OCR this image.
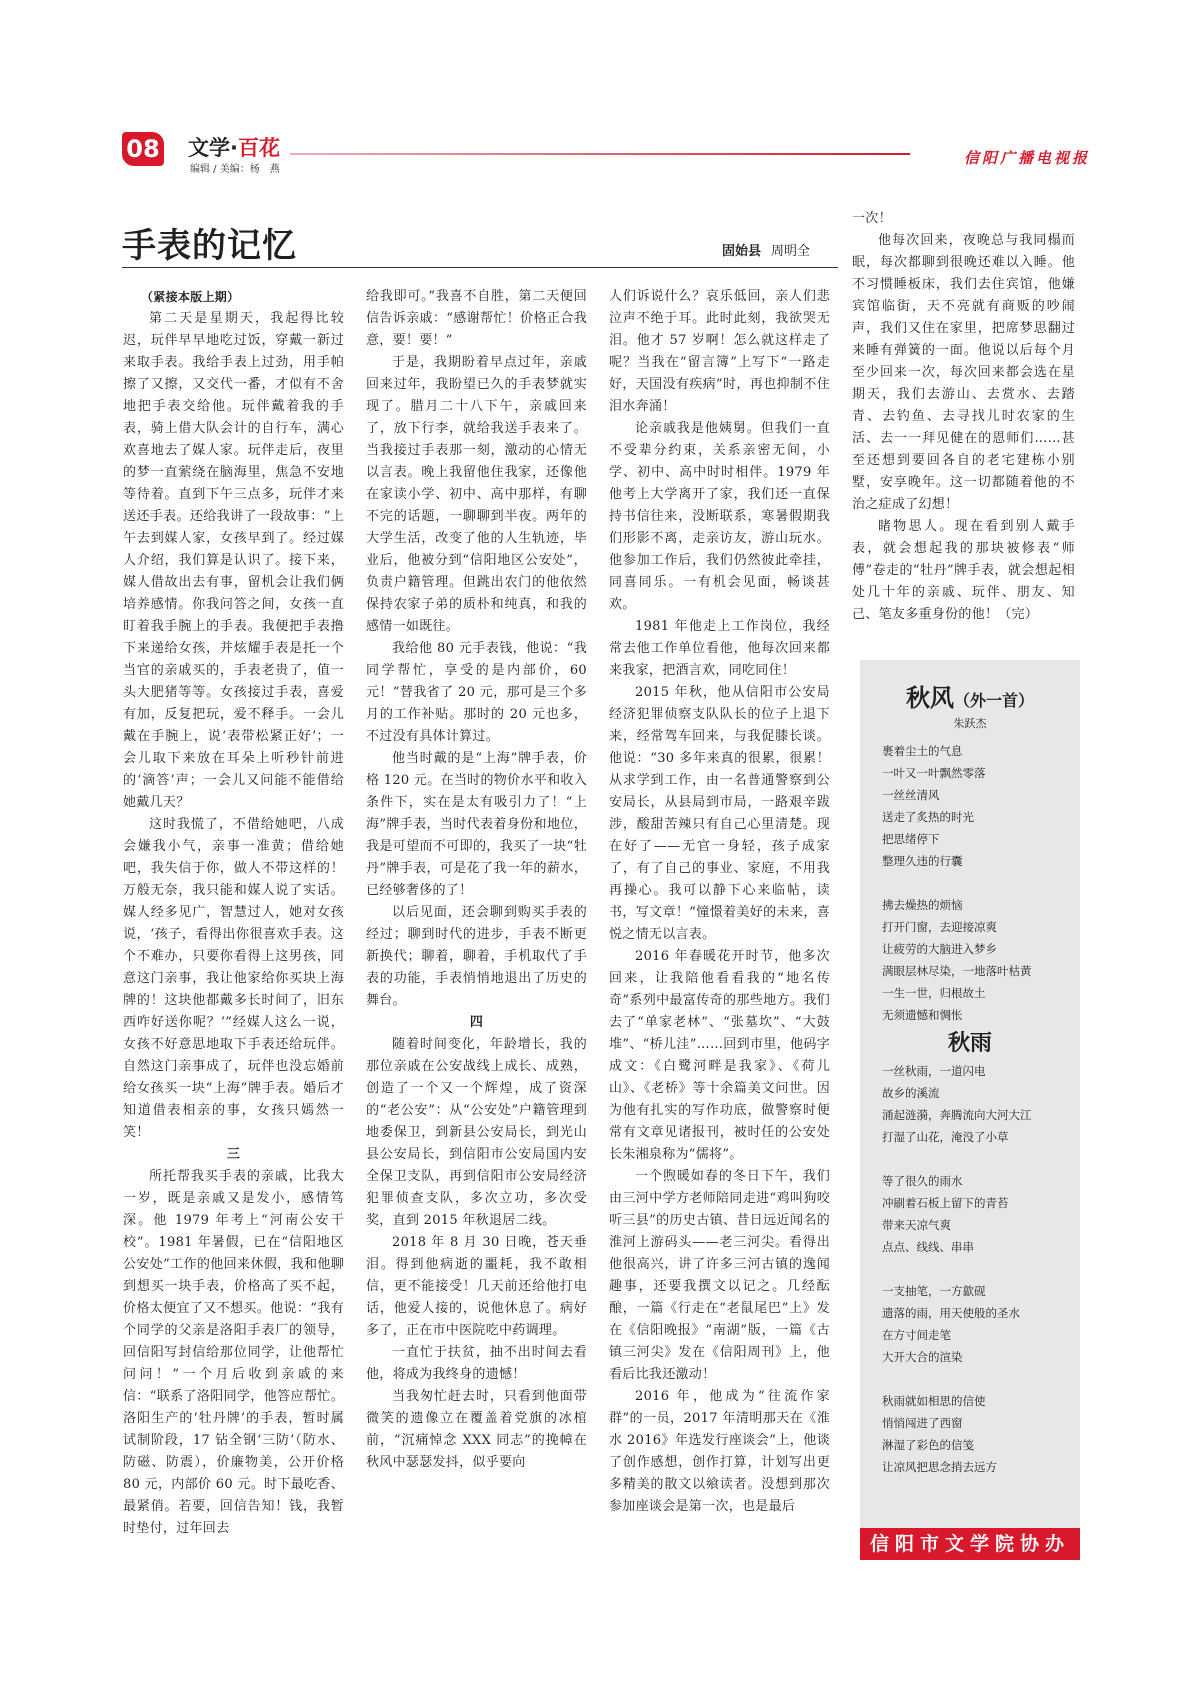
08 文学·百花
编辑 / 美编：杨　燕
信阳广播电视报
手表的记忆	固始县 周明全

（紧接本版上期）

第二天是星期天，我起得比较迟，玩伴早早地吃过饭，穿戴一新过来取手表。我给手表上过劲，用手帕擦了又擦，又交代一番，才似有不舍地把手表交给他。玩伴戴着我的手表，骑上借大队会计的自行车，满心欢喜地去了媒人家。玩伴走后，夜里的梦一直萦绕在脑海里，焦急不安地等待着。直到下午三点多，玩伴才来送还手表。还给我讲了一段故事：“上午去到媒人家，女孩早到了。经过媒人介绍，我们算是认识了。接下来，媒人借故出去有事，留机会让我们俩培养感情。你我问答之间，女孩一直盯着我手腕上的手表。我便把手表撸下来递给女孩，并炫耀手表是托一个当官的亲戚买的，手表老贵了，值一头大肥猪等等。女孩接过手表，喜爱有加，反复把玩，爱不释手。一会儿戴在手腕上，说‘表带松紧正好’；一会儿取下来放在耳朵上听秒针前进的‘滴答’声；一会儿又问能不能借给她戴几天？

这时我慌了，不借给她吧，八成会嫌我小气，亲事一准黄；借给她吧，我失信于你，做人不带这样的！万般无奈，我只能和媒人说了实话。媒人经多见广，智慧过人，她对女孩说，‘孩子，看得出你很喜欢手表。这个不难办，只要你看得上这男孩，同意这门亲事，我让他家给你买块上海牌的！这块他都戴多长时间了，旧东西咋好送你呢？’”经媒人这么一说，女孩不好意思地取下手表还给玩伴。自然这门亲事成了，玩伴也没忘婚前给女孩买一块“上海”牌手表。婚后才知道借表相亲的事，女孩只嫣然一笑！

三

所托帮我买手表的亲戚，比我大一岁，既是亲戚又是发小，感情笃深。他 1979 年考上“河南公安干校”。1981 年暑假，已在“信阳地区公安处”工作的他回来休假，我和他聊到想买一块手表，价格高了买不起，价格太便宜了又不想买。他说：“我有个同学的父亲是洛阳手表厂的领导，回信阳写封信给那位同学，让他帮忙问问！”一个月后收到亲戚的来信：“联系了洛阳同学，他答应帮忙。洛阳生产的‘牡丹牌’的手表，暂时属试制阶段，17 钻全钢‘三防’（防水、防磁、防震），价廉物美，公开价格 80 元，内部价 60 元。时下最吃香、最紧俏。若要，回信告知！钱，我暂时垫付，过年回去

给我即可。”我喜不自胜，第二天便回信告诉亲戚：“感谢帮忙！价格正合我意，要！要！”

于是，我期盼着早点过年，亲戚回来过年，我盼望已久的手表梦就实现了。腊月二十八下午，亲戚回来了，放下行李，就给我送手表来了。当我接过手表那一刻，激动的心情无以言表。晚上我留他住我家，还像他在家读小学、初中、高中那样，有聊不完的话题，一聊聊到半夜。两年的大学生活，改变了他的人生轨迹，毕业后，他被分到“信阳地区公安处”，负责户籍管理。但跳出农门的他依然保持农家子弟的质朴和纯真，和我的感情一如既往。

我给他 80 元手表钱，他说：“我同学帮忙，享受的是内部价，60 元！”替我省了 20 元，那可是三个多月的工作补贴。那时的 20 元也多，不过没有具体计算过。

他当时戴的是“上海”牌手表，价格 120 元。在当时的物价水平和收入条件下，实在是太有吸引力了！“上海”牌手表，当时代表着身份和地位，我是可望而不可即的，我买了一块“牡丹”牌手表，可是花了我一年的薪水，已经够奢侈的了！

以后见面，还会聊到购买手表的经过；聊到时代的进步，手表不断更新换代；聊着，聊着，手机取代了手表的功能，手表悄悄地退出了历史的舞台。

四

随着时间变化，年龄增长，我的那位亲戚在公安战线上成长、成熟，创造了一个又一个辉煌，成了资深的“老公安”：从“公安处”户籍管理到地委保卫，到新县公安局长，到光山县公安局长，到信阳市公安局国内安全保卫支队，再到信阳市公安局经济犯罪侦查支队，多次立功，多次受奖，直到 2015 年秋退居二线。

2018 年 8 月 30 日晚，苍天垂泪。得到他病逝的噩耗，我不敢相信，更不能接受！几天前还给他打电话，他爱人接的，说他休息了。病好多了，正在市中医院吃中药调理。

一直忙于扶贫，抽不出时间去看他，将成为我终身的遗憾！

当我匆忙赶去时，只看到他面带微笑的遗像立在覆盖着党旗的冰棺前，“沉痛悼念 XXX 同志”的挽幛在秋风中瑟瑟发抖，似乎要向

人们诉说什么？哀乐低回，亲人们悲泣声不绝于耳。此时此刻，我欲哭无泪。他才 57 岁啊！怎么就这样走了呢？当我在“留言簿”上写下“一路走好，天国没有疾病”时，再也抑制不住泪水奔涌！

论亲戚我是他姨舅。但我们一直不受辈分约束，关系亲密无间，小学、初中、高中时时相伴。1979 年他考上大学离开了家，我们还一直保持书信往来，没断联系，寒暑假期我们形影不离，走亲访友，游山玩水。他参加工作后，我们仍然彼此牵挂，同喜同乐。一有机会见面，畅谈甚欢。

1981 年他走上工作岗位，我经常去他工作单位看他，他每次回来都来我家，把酒言欢，同吃同住！

2015 年秋，他从信阳市公安局经济犯罪侦察支队队长的位子上退下来，经常驾车回来，与我促膝长谈。他说：“30 多年来真的很累，很累！从求学到工作，由一名普通警察到公安局长，从县局到市局，一路艰辛跋涉，酸甜苦辣只有自己心里清楚。现在好了——无官一身轻，孩子成家了，有了自己的事业、家庭，不用我再操心。我可以静下心来临帖，读书，写文章！”憧憬着美好的未来，喜悦之情无以言表。

2016 年春暖花开时节，他多次回来，让我陪他看看我的“地名传奇”系列中最富传奇的那些地方。我们去了“单家老林”、“张墓坎”、“大鼓堆”、“桥儿洼”……回到市里，他码字成文：《白鹭河畔是我家》、《荷儿山》、《老桥》等十余篇美文问世。因为他有扎实的写作功底，做警察时便常有文章见诸报刊，被时任的公安处长朱湘泉称为“儒将”。

一个煦暖如春的冬日下午，我们由三河中学方老师陪同走进“鸡叫狗咬听三县”的历史古镇、昔日远近闻名的淮河上游码头——老三河尖。看得出他很高兴，讲了许多三河古镇的逸闻趣事，还要我撰文以记之。几经酝酿，一篇《行走在“老鼠尾巴”上》发在《信阳晚报》“南湖”版，一篇《古镇三河尖》发在《信阳周刊》上，他看后比我还激动！

2016 年，他成为“往流作家群”的一员，2017 年清明那天在《淮水 2016》年选发行座谈会”上，他谈了创作感想，创作打算，计划写出更多精美的散文以飨读者。没想到那次参加座谈会是第一次，也是最后

一次！

他每次回来，夜晚总与我同榻而眠，每次都聊到很晚还难以入睡。他不习惯睡板床，我们去住宾馆，他嫌宾馆临街，天不亮就有商贩的吵闹声，我们又住在家里，把席梦思翻过来睡有弹簧的一面。他说以后每个月至少回来一次，每次回来都会选在星期天，我们去游山、去赏水、去踏青、去钓鱼、去寻找儿时农家的生活、去一一拜见健在的恩师们……甚至还想到要回各自的老宅建栋小别墅，安享晚年。这一切都随着他的不治之症成了幻想！

睹物思人。现在看到别人戴手表，就会想起我的那块被修表“师傅”卷走的“牡丹”牌手表，就会想起相处几十年的亲戚、玩伴、朋友、知己、笔友多重身份的他！（完）

秋风（外一首）
朱跃杰
裹着尘土的气息
一叶又一叶飘然零落
一丝丝清风
送走了炙热的时光
把思绪停下
整理久违的行囊
拂去燥热的烦恼
打开门窗，去迎接凉爽
让疲劳的大脑进入梦乡
满眼层林尽染，一地落叶枯黄
一生一世，归根故土
无须遗憾和惆怅
秋雨
一丝秋雨，一道闪电
故乡的溪流
涌起涟漪，奔腾流向大河大江
打湿了山花，淹没了小草
等了很久的雨水
冲刷着石板上留下的青苔
带来天凉气爽
点点、线线、串串
一支抽笔，一方歙砚
遗落的雨，用天使般的圣水
在方寸间走笔
大开大合的渲染
秋雨就如相思的信使
悄悄闯进了西窗
淋湿了彩色的信笺
让凉风把思念捎去远方
信阳市文学院协办
